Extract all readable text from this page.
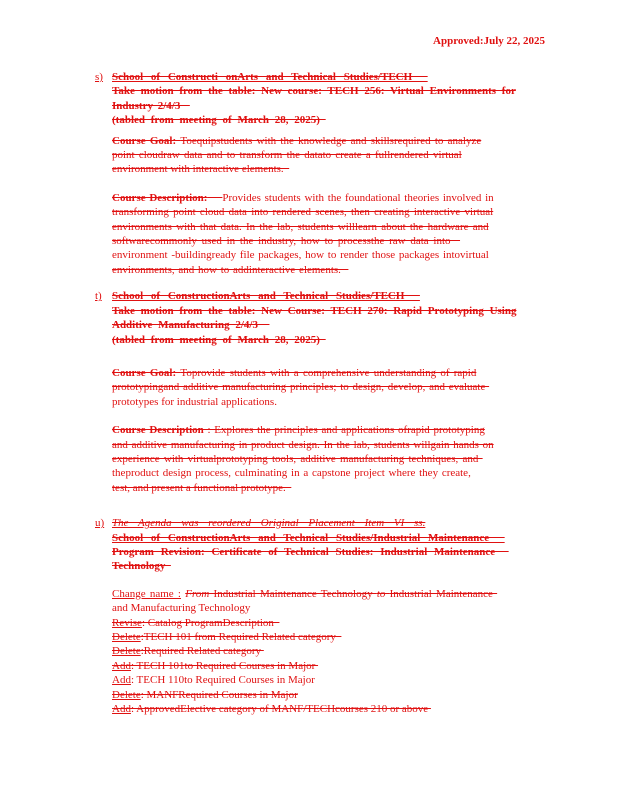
Approved:July 22, 2025
s) School of Constructi onArts and Technical Studies/TECH
Take motion from the table: New course: TECH 256: Virtual Environments for
Industry 2/4/3
(tabled from meeting of March 28, 2025)
Course Goal: Toequipstudents with the knowledge and skillsrequired to analyze
point cloudraw data and to transform the datato create a fullrendered virtual
environment with interactive elements.
Course Description: Provides students with the foundational theories involved in
transforming point cloud data into rendered scenes, then creating interactive virtual
environments with that data. In the lab, students willlearn about the hardware and
softwarecommonly used in the industry, how to processthe raw data into
environment -buildingready file packages, how to render those packages intovirtual
environments, and how to addinteractive elements.
t) School of ConstructionArts and Technical Studies/TECH
Take motion from the table: New Course: TECH 270: Rapid Prototyping Using
Additive Manufacturing 2/4/3
(tabled from meeting of March 28, 2025)
Course Goal: Toprovide students with a comprehensive understanding of rapid
prototypingand additive manufacturing principles; to design, develop, and evaluate
prototypes for industrial applications.
Course Description : Explores the principles and applications ofrapid prototyping
and additive manufacturing in product design. In the lab, students willgain hands on
experience with virtualprototyping tools, additive manufacturing techniques, and
theproduct design process, culminating in a capstone project where they create,
test, and present a functional prototype.
u) The Agenda was reordered Original Placement Item VI ss.
School of ConstructionArts and Technical Studies/Industrial Maintenance
Program Revision: Certificate of Technical Studies: Industrial Maintenance
Technology
Change name : From Industrial Maintenance Technology to Industrial Maintenance
and Manufacturing Technology
Revise: Catalog ProgramDescription
Delete:TECH 101 from Required Related category
Delete:Required Related category
Add: TECH 101to Required Courses in Major
Add: TECH 110to Required Courses in Major
Delete: MANFRequired Courses in Major
Add: ApprovedElective category of MANF/TECHcourses 210 or above
